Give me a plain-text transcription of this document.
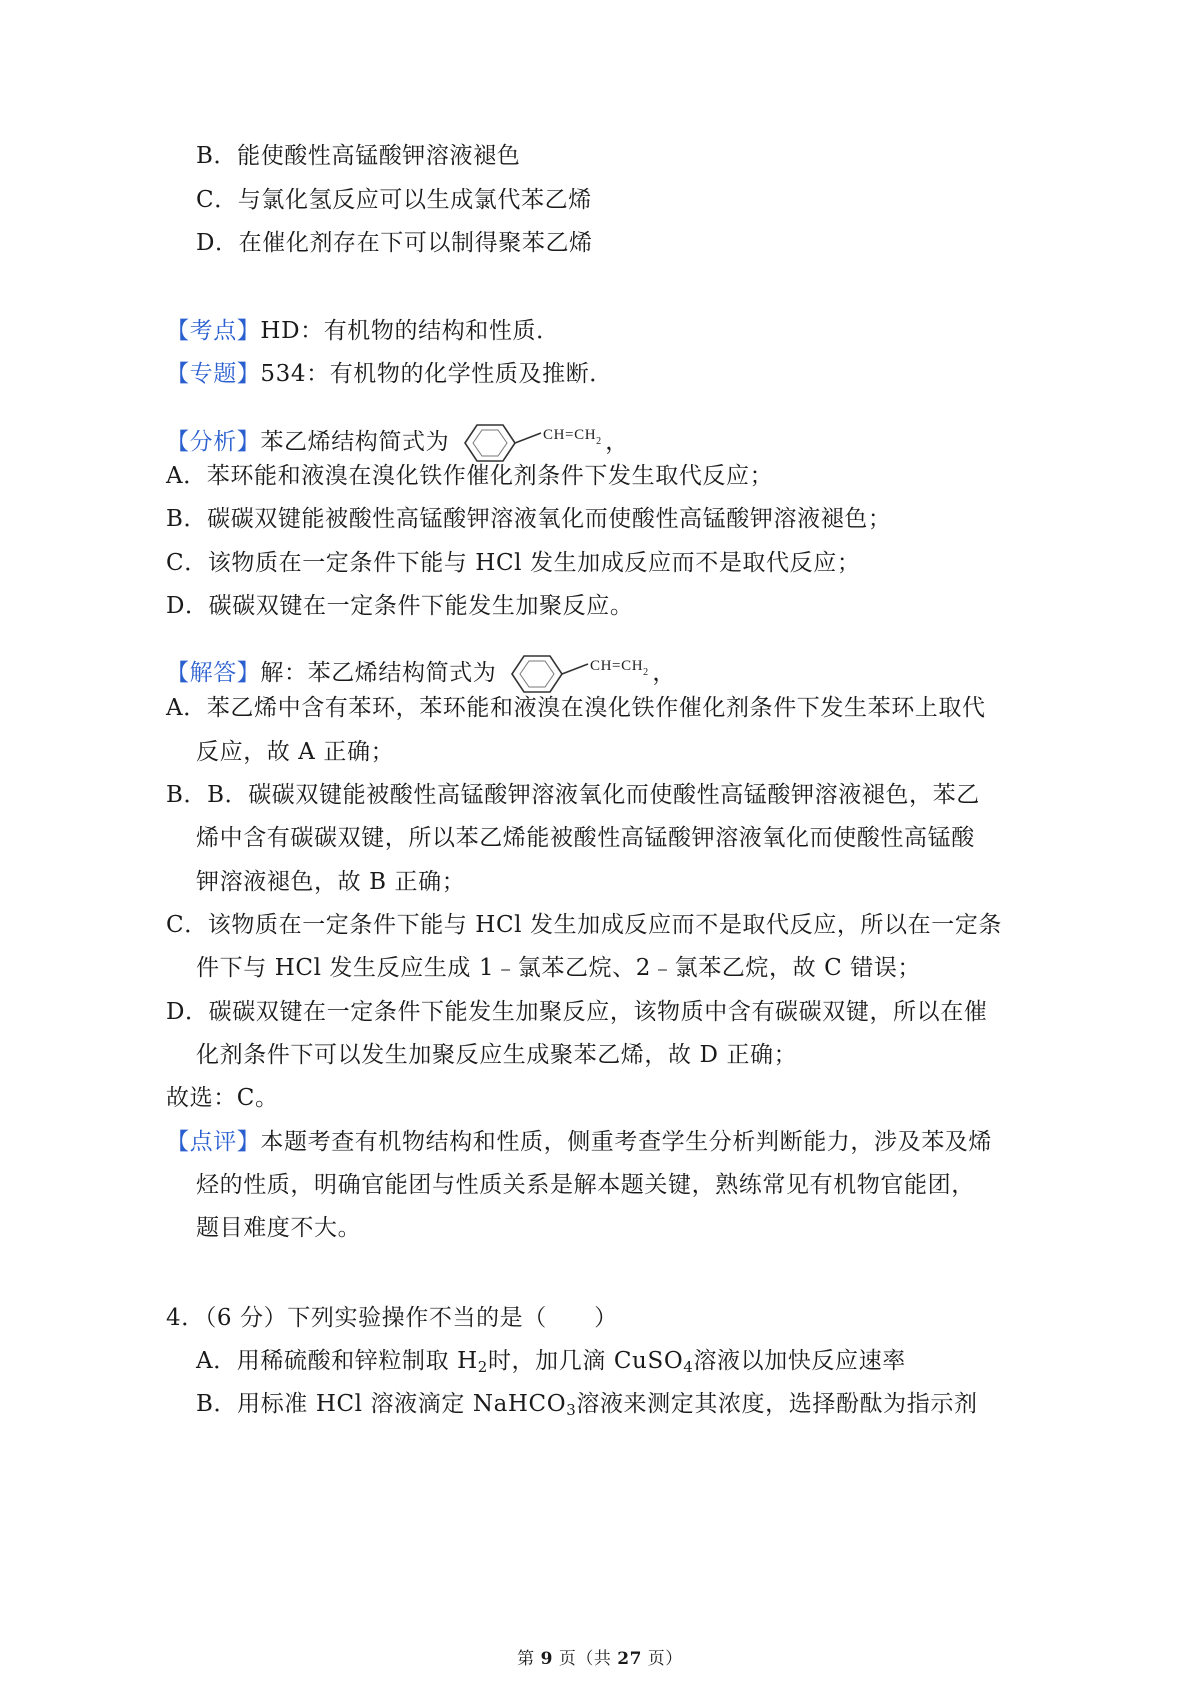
B．能使酸性高锰酸钾溶液褪色
C．与氯化氢反应可以生成氯代苯乙烯
D．在催化剂存在下可以制得聚苯乙烯
【考点】HD：有机物的结构和性质．
【专题】534：有机物的化学性质及推断．
【分析】苯乙烯结构简式为	$CH=CH_2$ ，
A．苯环能和液溴在溴化铁作催化剂条件下发生取代反应；
B．碳碳双键能被酸性高锰酸钾溶液氧化而使酸性高锰酸钾溶液褪色；
C．该物质在一定条件下能与 HCl 发生加成反应而不是取代反应；
D．碳碳双键在一定条件下能发生加聚反应。
【解答】解：苯乙烯结构简式为	$CH=CH_2$ ，
A．苯乙烯中含有苯环，苯环能和液溴在溴化铁作催化剂条件下发生苯环上取代
反应，故 A 正确；
B．B．碳碳双键能被酸性高锰酸钾溶液氧化而使酸性高锰酸钾溶液褪色，苯乙
烯中含有碳碳双键，所以苯乙烯能被酸性高锰酸钾溶液氧化而使酸性高锰酸
钾溶液褪色，故 B 正确；
C．该物质在一定条件下能与 HCl 发生加成反应而不是取代反应，所以在一定条
件下与 HCl 发生反应生成 1﹣氯苯乙烷、2﹣氯苯乙烷，故 C 错误；
D．碳碳双键在一定条件下能发生加聚反应，该物质中含有碳碳双键，所以在催
化剂条件下可以发生加聚反应生成聚苯乙烯，故 D 正确；
故选：C。
【点评】本题考查有机物结构和性质，侧重考查学生分析判断能力，涉及苯及烯
烃的性质，明确官能团与性质关系是解本题关键，熟练常见有机物官能团，
题目难度不大。
4．（6 分）下列实验操作不当的是（　　）
A．用稀硫酸和锌粒制取 $H_2$时，加几滴 CuSO$_4$溶液以加快反应速率
B．用标准 HCl 溶液滴定 NaHCO$_3$溶液来测定其浓度，选择酚酞为指示剂
第 9 页（共 27 页）
